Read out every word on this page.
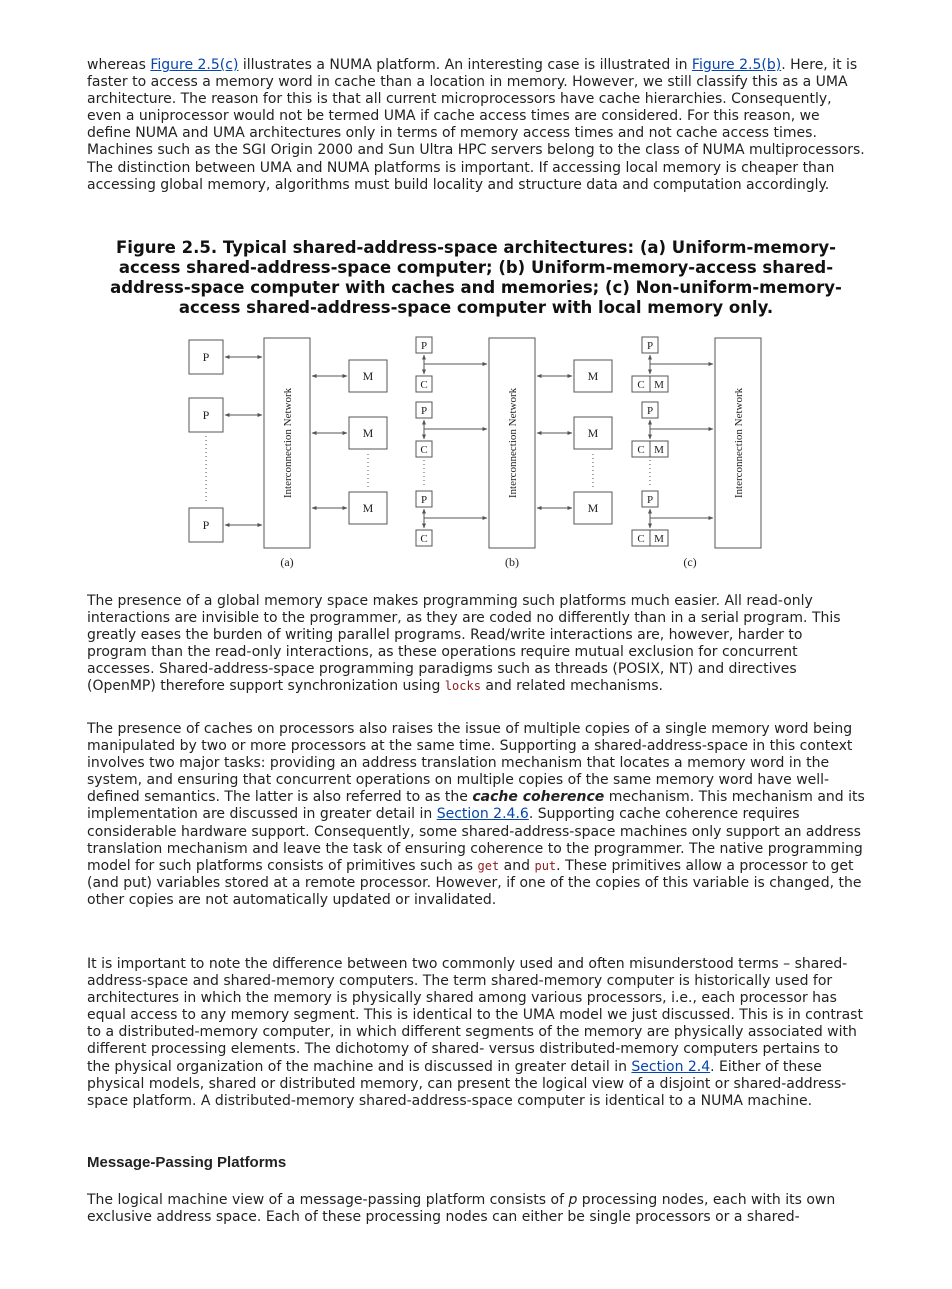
whereas Figure 2.5(c) illustrates a NUMA platform. An interesting case is illustrated in Figure 2.5(b). Here, it is faster to access a memory word in cache than a location in memory. However, we still classify this as a UMA architecture. The reason for this is that all current microprocessors have cache hierarchies. Consequently, even a uniprocessor would not be termed UMA if cache access times are considered. For this reason, we define NUMA and UMA architectures only in terms of memory access times and not cache access times. Machines such as the SGI Origin 2000 and Sun Ultra HPC servers belong to the class of NUMA multiprocessors. The distinction between UMA and NUMA platforms is important. If accessing local memory is cheaper than accessing global memory, algorithms must build locality and structure data and computation accordingly.

Figure 2.5. Typical shared-address-space architectures: (a) Uniform-memory-access shared-address-space computer; (b) Uniform-memory-access shared-address-space computer with caches and memories; (c) Non-uniform-memory-access shared-address-space computer with local memory only.
P
P
P
M
M
M
M
M
M
P
C
P
C
P
C
P
C M
P
C M
P
C M
Interconnection Network	Interconnection Network	Interconnection Network
(a)	(b)	(c)

The presence of a global memory space makes programming such platforms much easier. All read-only interactions are invisible to the programmer, as they are coded no differently than in a serial program. This greatly eases the burden of writing parallel programs. Read/write interactions are, however, harder to program than the read-only interactions, as these operations require mutual exclusion for concurrent accesses. Shared-address-space programming paradigms such as threads (POSIX, NT) and directives (OpenMP) therefore support synchronization using locks and related mechanisms.

The presence of caches on processors also raises the issue of multiple copies of a single memory word being manipulated by two or more processors at the same time. Supporting a shared-address-space in this context involves two major tasks: providing an address translation mechanism that locates a memory word in the system, and ensuring that concurrent operations on multiple copies of the same memory word have well-defined semantics. The latter is also referred to as the cache coherence mechanism. This mechanism and its implementation are discussed in greater detail in Section 2.4.6. Supporting cache coherence requires considerable hardware support. Consequently, some shared-address-space machines only support an address translation mechanism and leave the task of ensuring coherence to the programmer. The native programming model for such platforms consists of primitives such as get and put. These primitives allow a processor to get (and put) variables stored at a remote processor. However, if one of the copies of this variable is changed, the other copies are not automatically updated or invalidated.

It is important to note the difference between two commonly used and often misunderstood terms – shared-address-space and shared-memory computers. The term shared-memory computer is historically used for architectures in which the memory is physically shared among various processors, i.e., each processor has equal access to any memory segment. This is identical to the UMA model we just discussed. This is in contrast to a distributed-memory computer, in which different segments of the memory are physically associated with different processing elements. The dichotomy of shared- versus distributed-memory computers pertains to the physical organization of the machine and is discussed in greater detail in Section 2.4. Either of these physical models, shared or distributed memory, can present the logical view of a disjoint or shared-address-space platform. A distributed-memory shared-address-space computer is identical to a NUMA machine.

Message-Passing Platforms

The logical machine view of a message-passing platform consists of p processing nodes, each with its own exclusive address space. Each of these processing nodes can either be single processors or a shared-
